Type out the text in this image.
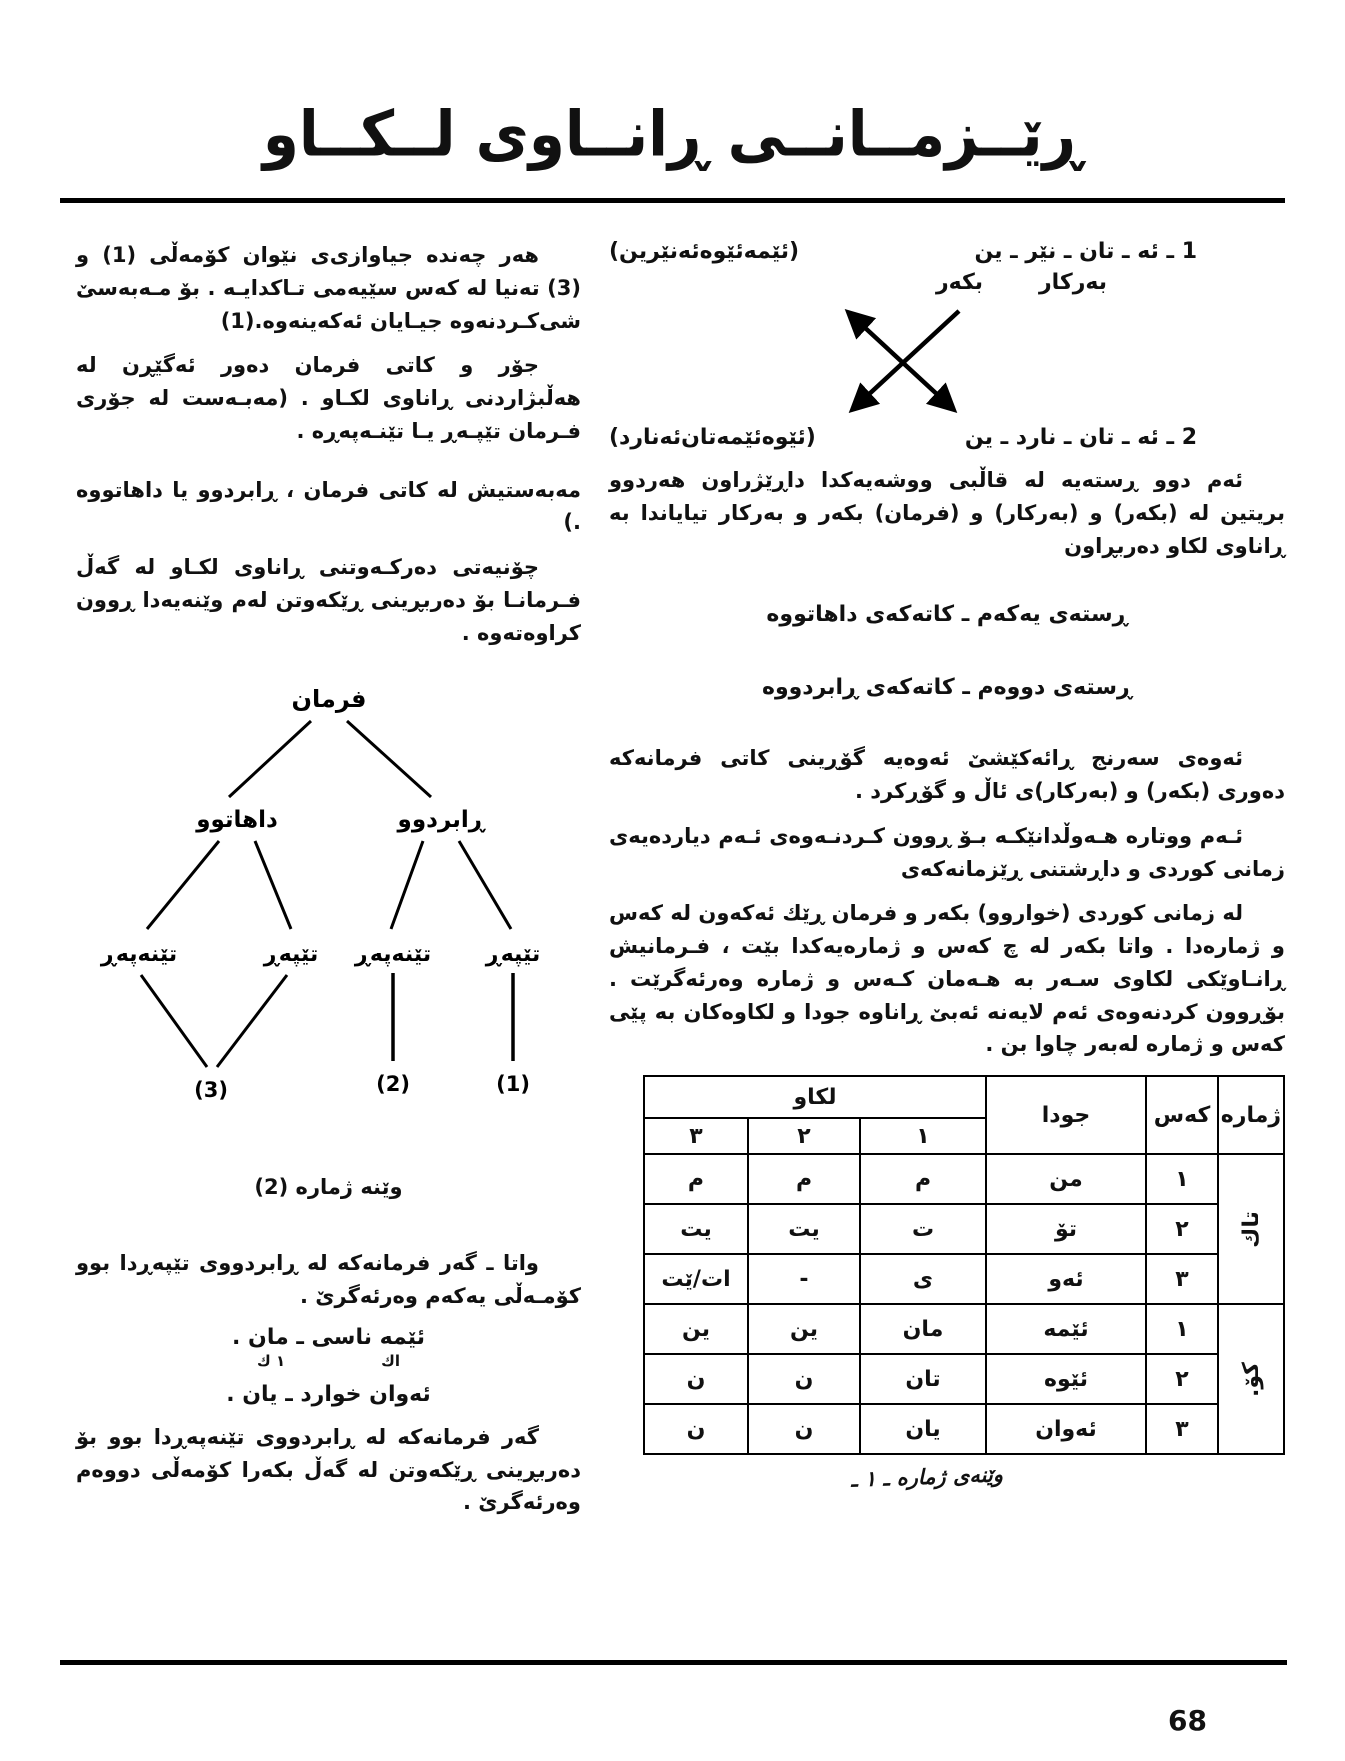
ڕێــزمــانــی ڕانــاوی لــكــاو
1 ـ ئه ـ تان ـ نێر ـ ين
(ئێمه‌ئێوه‌ئه‌نێرين)
به‌ركار
بكه‌ر
2 ـ ئه ـ تان ـ نارد ـ ين
(ئێوه‌ئێمه‌تان‌ئه‌نارد)

ئه‌م دوو ڕسته‌يه له قاڵبی ووشه‌يه‌كدا داڕێژراون هه‌ردوو بريتين له (بكه‌ر) و (به‌ركار) و (فرمان) بكه‌ر و به‌ركار تياياندا به ڕاناوی لكاو ده‌ربڕاون

ڕسته‌ی يه‌كه‌م ـ كاته‌كه‌ی داهاتووه
ڕسته‌ی دووه‌م ـ كاته‌كه‌ی ڕابردووه

ئه‌وه‌ی سه‌رنج ڕائه‌كێشێ ئه‌وه‌يه گۆڕينی كاتی فرمانه‌كه ده‌وری (بكه‌ر) و (به‌ركار)ی ئاڵ و گۆڕكرد .

ئـه‌م ووتاره هـه‌وڵدانێكـه بـۆ ڕوون كـردنـه‌وه‌ی ئـه‌م دياردەيه‌ی زمانی كوردی و داڕشتنی ڕێزمانه‌كه‌ی

له زمانی كوردی (خواروو) بكه‌ر و فرمان ڕێك ئه‌كه‌ون له كه‌س و ژماره‌دا . واتا بكه‌ر له چ كه‌س و ژماره‌يه‌كدا بێت ، فـرمانيش ڕانـاوێكی لكاوی سـه‌ر به هـه‌مان كـه‌س و ژماره وه‌رئه‌گرێت . بۆڕوون كردنه‌وه‌ی ئه‌م لايه‌نه ئه‌بێ ڕاناوه جودا و لكاوه‌كان به پێی كه‌س و ژماره له‌به‌ر چاوا بن .

ژماره	كه‌س	جودا	لكاو		
			١	٢	٣
تاك	١	من	م	م	م
	٢	تۆ	ت	يت	يت
	٣	ئه‌و	ى	-	ات/ێت
كۆ.	١	ئێمه	مان	ين	ين
	٢	ئێوه	تان	ن	ن
	٣	ئه‌وان	يان	ن	ن
وێنه‌ی ژماره ـ ١ ـ

هه‌ر چه‌نده جياوازی‌ی نێوان كۆمه‌ڵی (1) و (3) ته‌نيا له كه‌س سێيه‌می تـاكدايـه . بۆ مـه‌به‌سێ شی‌كـردنه‌وه جيـايان ئه‌كه‌ينه‌وه.(1)

جۆر و كاتی فرمان ده‌ور ئه‌گێڕن له هه‌ڵبژاردنی ڕاناوی لكـاو . (مه‌بـه‌ست له جۆری فـرمان تێپـه‌ڕ يـا تێنـه‌په‌ڕه .

مه‌به‌ستيش له كاتی فرمان ، ڕابردوو يا داهاتووه .)

چۆنيه‌تی ده‌ركـه‌وتنی ڕاناوی لكـاو له گه‌ڵ فـرمانـا بۆ ده‌ربڕينی ڕێكه‌وتن له‌م وێنه‌يه‌دا ڕوون كراوه‌ته‌وه .

فرمان
داهاتوو	ڕابردوو
تێنه‌په‌ڕ	تێپه‌ڕ تێنه‌په‌ڕ تێپه‌ڕ
(3)	(2)	(1)
وێنه ژماره (2)

واتا ـ گه‌ر فرمانه‌كه له ڕابردووی تێپه‌ڕدا بوو كۆمـه‌ڵی يه‌كه‌م وه‌رئه‌گرێ .

ئێمه ناسی ـ مان .
اك
١ ك
ئه‌وان خوارد ـ يان .

گه‌ر فرمانه‌كه له ڕابردووی تێنه‌په‌ڕدا بوو بۆ ده‌ربڕينی ڕێكه‌وتن له گه‌ڵ بكه‌را كۆمه‌ڵی دووه‌م وه‌رئه‌گرێ .

68
